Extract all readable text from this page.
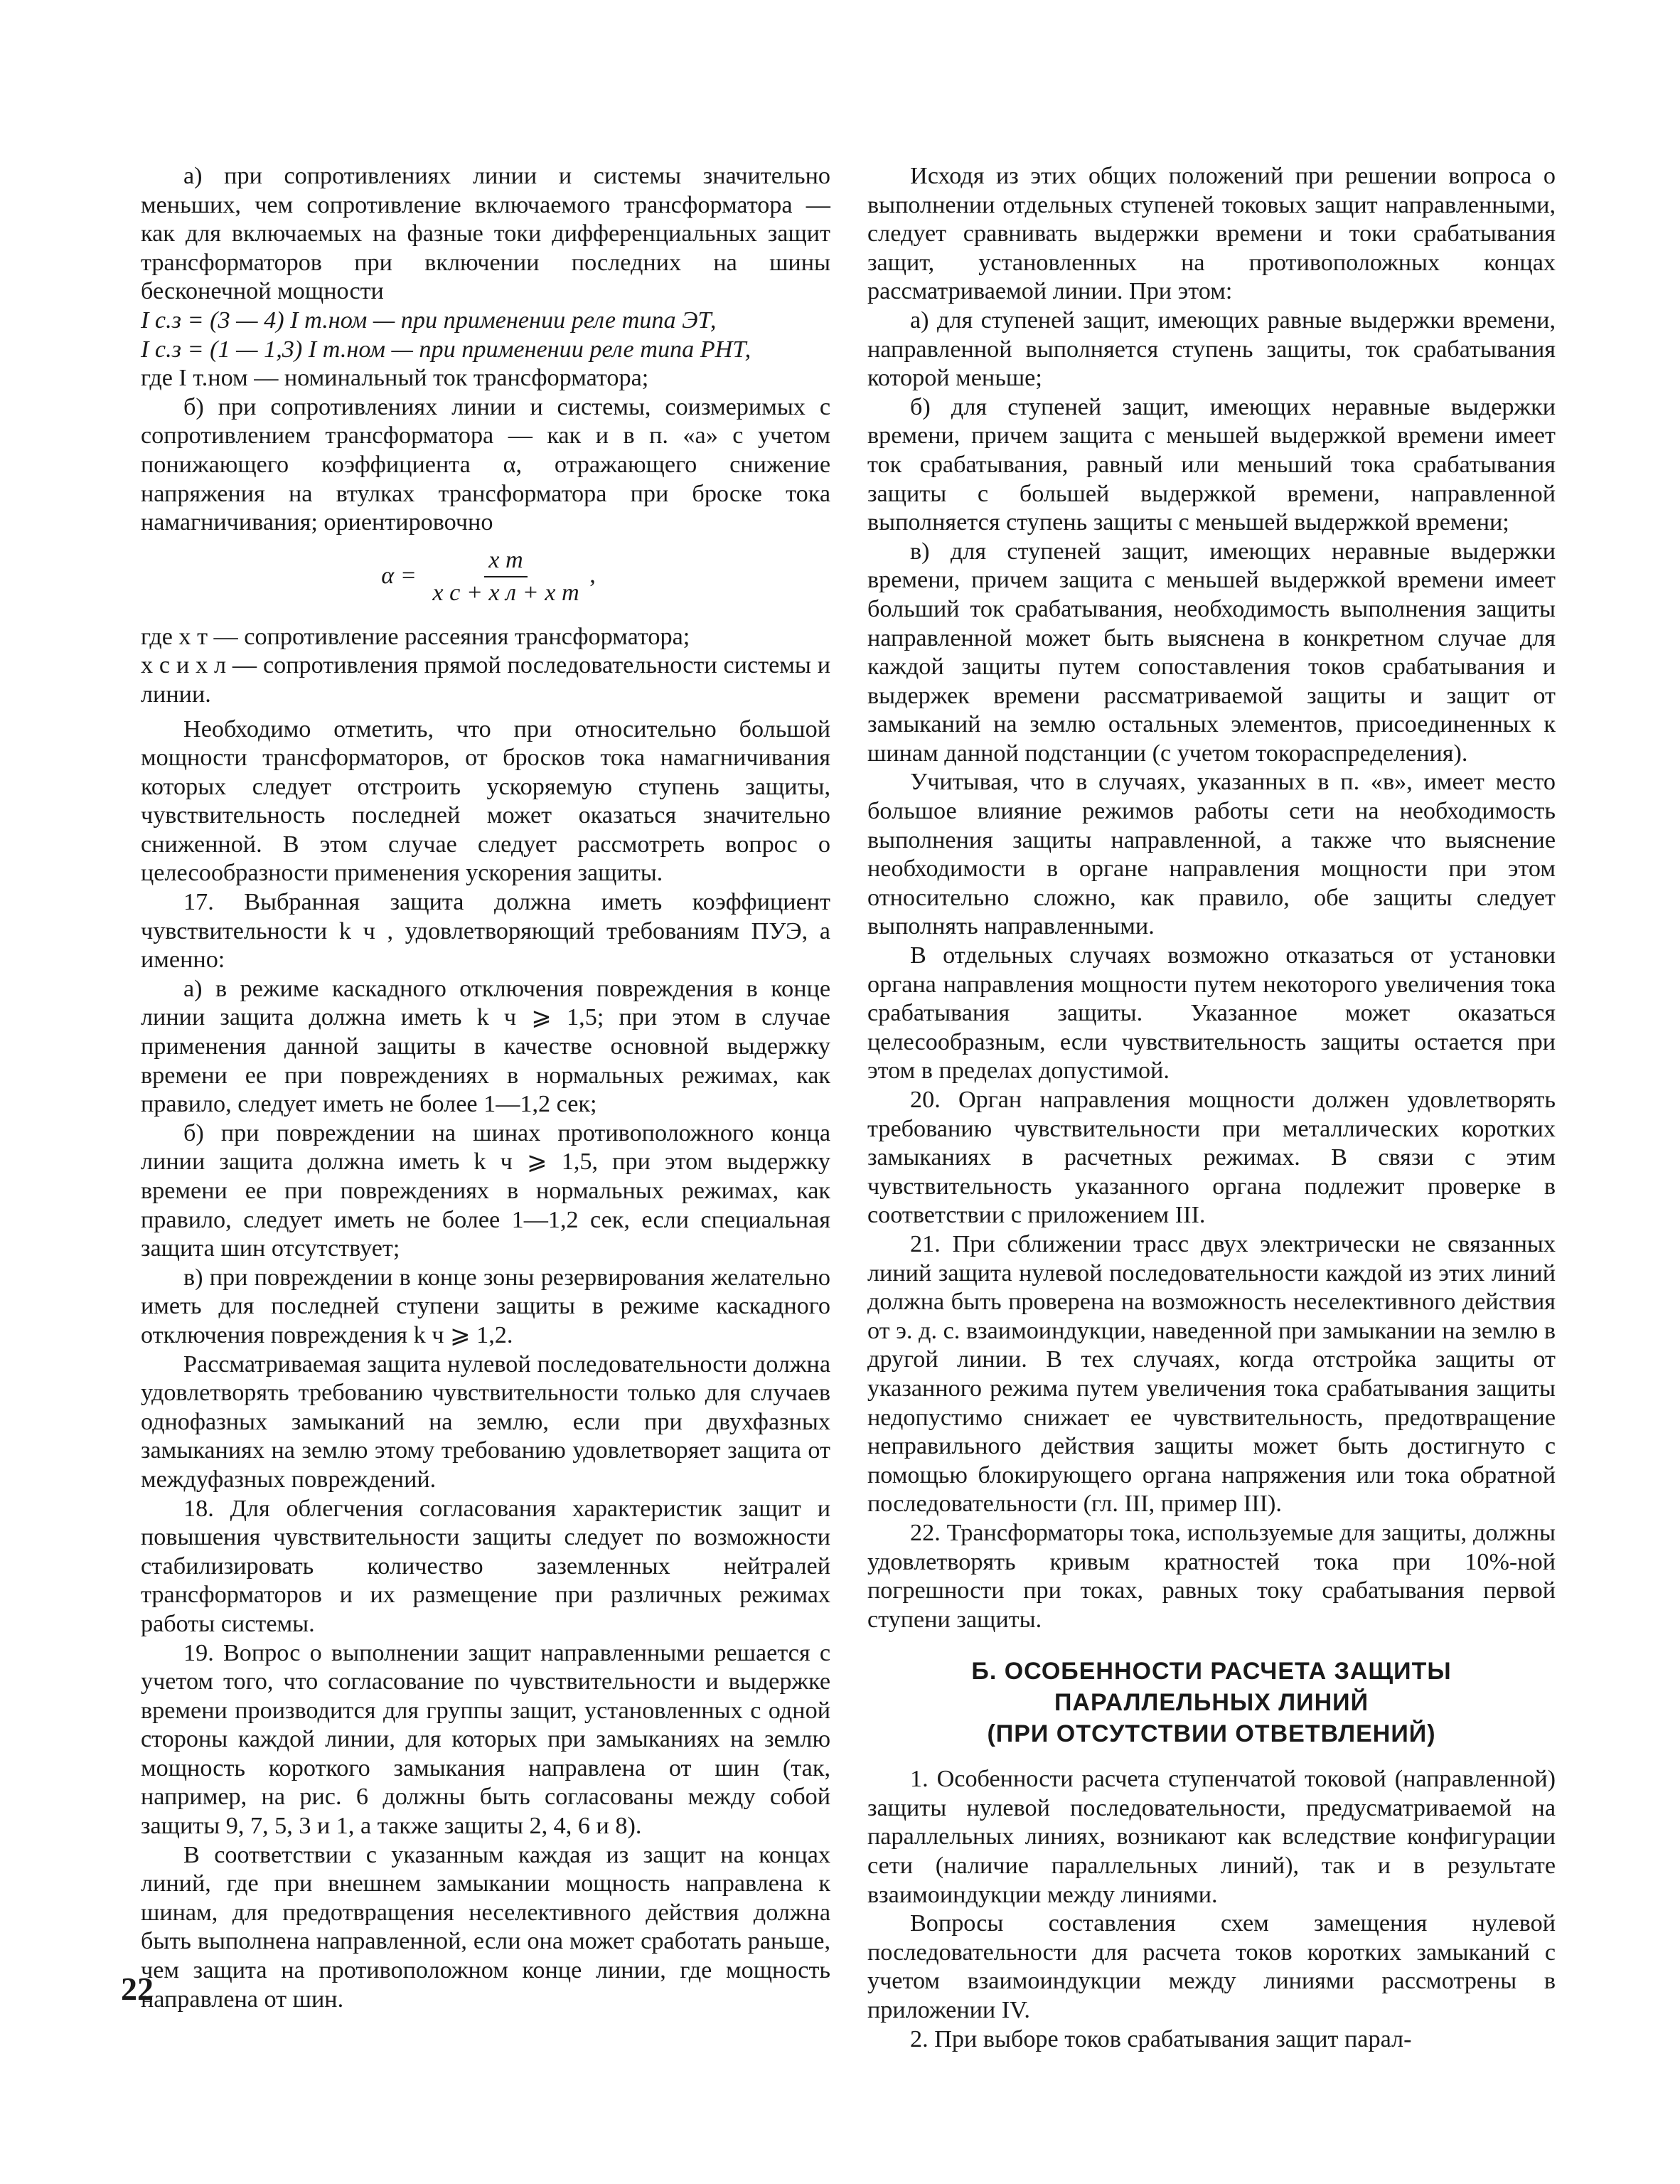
а) при сопротивлениях линии и системы значительно меньших, чем сопротивление включаемого трансформатора — как для включаемых на фазные токи дифференциальных защит трансформаторов при включении последних на шины бесконечной мощности

I с.з = (3 — 4) I т.ном — при применении реле типа ЭТ,
I с.з = (1 — 1,3) I т.ном — при применении реле типа РНТ,
где I т.ном — номинальный ток трансформатора;

б) при сопротивлениях линии и системы, соизмеримых с сопротивлением трансформатора — как и в п. «а» с учетом понижающего коэффициента α, отражающего снижение напряжения на втулках трансформатора при броске тока намагничивания; ориентировочно

$\alpha = \frac{\text{x т}}{\text{x с + x л + x т}}$ ,
где x т — сопротивление рассеяния трансформатора;
x с и x л — сопротивления прямой последовательности системы и линии.

Необходимо отметить, что при относительно большой мощности трансформаторов, от бросков тока намагничивания которых следует отстроить ускоряемую ступень защиты, чувствительность последней может оказаться значительно сниженной. В этом случае следует рассмотреть вопрос о целесообразности применения ускорения защиты.

17. Выбранная защита должна иметь коэффициент чувствительности k ч , удовлетворяющий требованиям ПУЭ, а именно:

а) в режиме каскадного отключения повреждения в конце линии защита должна иметь k ч ⩾ 1,5; при этом в случае применения данной защиты в качестве основной выдержку времени ее при повреждениях в нормальных режимах, как правило, следует иметь не более 1—1,2 сек;

б) при повреждении на шинах противоположного конца линии защита должна иметь k ч ⩾ 1,5, при этом выдержку времени ее при повреждениях в нормальных режимах, как правило, следует иметь не более 1—1,2 сек, если специальная защита шин отсутствует;

в) при повреждении в конце зоны резервирования желательно иметь для последней ступени защиты в режиме каскадного отключения повреждения k ч ⩾ 1,2.

Рассматриваемая защита нулевой последовательности должна удовлетворять требованию чувствительности только для случаев однофазных замыканий на землю, если при двухфазных замыканиях на землю этому требованию удовлетворяет защита от междуфазных повреждений.

18. Для облегчения согласования характеристик защит и повышения чувствительности защиты следует по возможности стабилизировать количество заземленных нейтралей трансформаторов и их размещение при различных режимах работы системы.

19. Вопрос о выполнении защит направленными решается с учетом того, что согласование по чувствительности и выдержке времени производится для группы защит, установленных с одной стороны каждой линии, для которых при замыканиях на землю мощность короткого замыкания направлена от шин (так, например, на рис. 6 должны быть согласованы между собой защиты 9, 7, 5, 3 и 1, а также защиты 2, 4, 6 и 8).

В соответствии с указанным каждая из защит на концах линий, где при внешнем замыкании мощность направлена к шинам, для предотвращения неселективного действия должна быть выполнена направленной, если она может сработать раньше, чем защита на противоположном конце линии, где мощность направлена от шин.

Исходя из этих общих положений при решении вопроса о выполнении отдельных ступеней токовых защит направленными, следует сравнивать выдержки времени и токи срабатывания защит, установленных на противоположных концах рассматриваемой линии. При этом:

а) для ступеней защит, имеющих равные выдержки времени, направленной выполняется ступень защиты, ток срабатывания которой меньше;

б) для ступеней защит, имеющих неравные выдержки времени, причем защита с меньшей выдержкой времени имеет ток срабатывания, равный или меньший тока срабатывания защиты с большей выдержкой времени, направленной выполняется ступень защиты с меньшей выдержкой времени;

в) для ступеней защит, имеющих неравные выдержки времени, причем защита с меньшей выдержкой времени имеет больший ток срабатывания, необходимость выполнения защиты направленной может быть выяснена в конкретном случае для каждой защиты путем сопоставления токов срабатывания и выдержек времени рассматриваемой защиты и защит от замыканий на землю остальных элементов, присоединенных к шинам данной подстанции (с учетом токораспределения).

Учитывая, что в случаях, указанных в п. «в», имеет место большое влияние режимов работы сети на необходимость выполнения защиты направленной, а также что выяснение необходимости в органе направления мощности при этом относительно сложно, как правило, обе защиты следует выполнять направленными.

В отдельных случаях возможно отказаться от установки органа направления мощности путем некоторого увеличения тока срабатывания защиты. Указанное может оказаться целесообразным, если чувствительность защиты остается при этом в пределах допустимой.

20. Орган направления мощности должен удовлетворять требованию чувствительности при металлических коротких замыканиях в расчетных режимах. В связи с этим чувствительность указанного органа подлежит проверке в соответствии с приложением III.

21. При сближении трасс двух электрически не связанных линий защита нулевой последовательности каждой из этих линий должна быть проверена на возможность неселективного действия от э. д. с. взаимоиндукции, наведенной при замыкании на землю в другой линии. В тех случаях, когда отстройка защиты от указанного режима путем увеличения тока срабатывания защиты недопустимо снижает ее чувствительность, предотвращение неправильного действия защиты может быть достигнуто с помощью блокирующего органа напряжения или тока обратной последовательности (гл. III, пример III).

22. Трансформаторы тока, используемые для защиты, должны удовлетворять кривым кратностей тока при 10%-ной погрешности при токах, равных току срабатывания первой ступени защиты.

Б. ОСОБЕННОСТИ РАСЧЕТА ЗАЩИТЫ
ПАРАЛЛЕЛЬНЫХ ЛИНИЙ
(ПРИ ОТСУТСТВИИ ОТВЕТВЛЕНИЙ)

1. Особенности расчета ступенчатой токовой (направленной) защиты нулевой последовательности, предусматриваемой на параллельных линиях, возникают как вследствие конфигурации сети (наличие параллельных линий), так и в результате взаимоиндукции между линиями.

Вопросы составления схем замещения нулевой последовательности для расчета токов коротких замыканий с учетом взаимоиндукции между линиями рассмотрены в приложении IV.

2. При выборе токов срабатывания защит парал-

22
